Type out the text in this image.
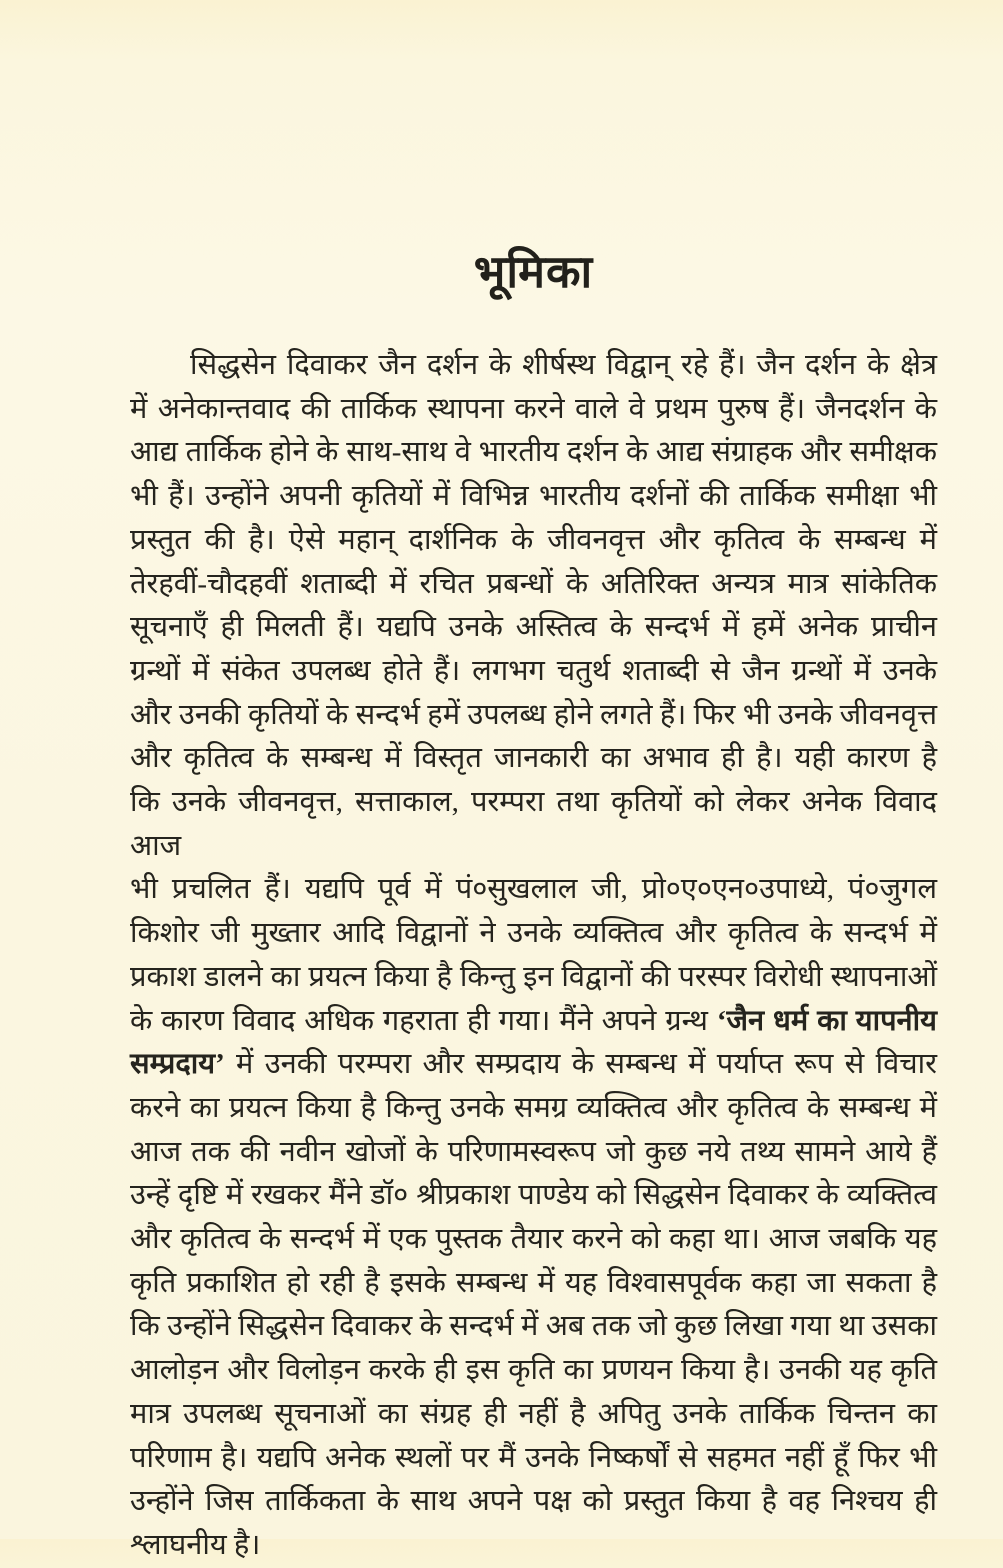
भूमिका
सिद्धसेन दिवाकर जैन दर्शन के शीर्षस्थ विद्वान् रहे हैं। जैन दर्शन के क्षेत्र
में अनेकान्तवाद की तार्किक स्थापना करने वाले वे प्रथम पुरुष हैं। जैनदर्शन के
आद्य तार्किक होने के साथ-साथ वे भारतीय दर्शन के आद्य संग्राहक और समीक्षक
भी हैं। उन्होंने अपनी कृतियों में विभिन्न भारतीय दर्शनों की तार्किक समीक्षा भी
प्रस्तुत की है। ऐसे महान् दार्शनिक के जीवनवृत्त और कृतित्व के सम्बन्ध में
तेरहवीं-चौदहवीं शताब्दी में रचित प्रबन्धों के अतिरिक्त अन्यत्र मात्र सांकेतिक
सूचनाएँ ही मिलती हैं। यद्यपि उनके अस्तित्व के सन्दर्भ में हमें अनेक प्राचीन
ग्रन्थों में संकेत उपलब्ध होते हैं। लगभग चतुर्थ शताब्दी से जैन ग्रन्थों में उनके
और उनकी कृतियों के सन्दर्भ हमें उपलब्ध होने लगते हैं। फिर भी उनके जीवनवृत्त
और कृतित्व के सम्बन्ध में विस्तृत जानकारी का अभाव ही है। यही कारण है
कि उनके जीवनवृत्त, सत्ताकाल, परम्परा तथा कृतियों को लेकर अनेक विवाद आज
भी प्रचलित हैं। यद्यपि पूर्व में पं०सुखलाल जी, प्रो०ए०एन०उपाध्ये, पं०जुगल
किशोर जी मुख्तार आदि विद्वानों ने उनके व्यक्तित्व और कृतित्व के सन्दर्भ में
प्रकाश डालने का प्रयत्न किया है किन्तु इन विद्वानों की परस्पर विरोधी स्थापनाओं
के कारण विवाद अधिक गहराता ही गया। मैंने अपने ग्रन्थ ‘जैन धर्म का यापनीय
सम्प्रदाय’ में उनकी परम्परा और सम्प्रदाय के सम्बन्ध में पर्याप्त रूप से विचार
करने का प्रयत्न किया है किन्तु उनके समग्र व्यक्तित्व और कृतित्व के सम्बन्ध में
आज तक की नवीन खोजों के परिणामस्वरूप जो कुछ नये तथ्य सामने आये हैं
उन्हें दृष्टि में रखकर मैंने डॉ० श्रीप्रकाश पाण्डेय को सिद्धसेन दिवाकर के व्यक्तित्व
और कृतित्व के सन्दर्भ में एक पुस्तक तैयार करने को कहा था। आज जबकि यह
कृति प्रकाशित हो रही है इसके सम्बन्ध में यह विश्वासपूर्वक कहा जा सकता है
कि उन्होंने सिद्धसेन दिवाकर के सन्दर्भ में अब तक जो कुछ लिखा गया था उसका
आलोड़न और विलोड़न करके ही इस कृति का प्रणयन किया है। उनकी यह कृति
मात्र उपलब्ध सूचनाओं का संग्रह ही नहीं है अपितु उनके तार्किक चिन्तन का
परिणाम है। यद्यपि अनेक स्थलों पर मैं उनके निष्कर्षों से सहमत नहीं हूँ फिर भी
उन्होंने जिस तार्किकता के साथ अपने पक्ष को प्रस्तुत किया है वह निश्चय ही
श्लाघनीय है।
